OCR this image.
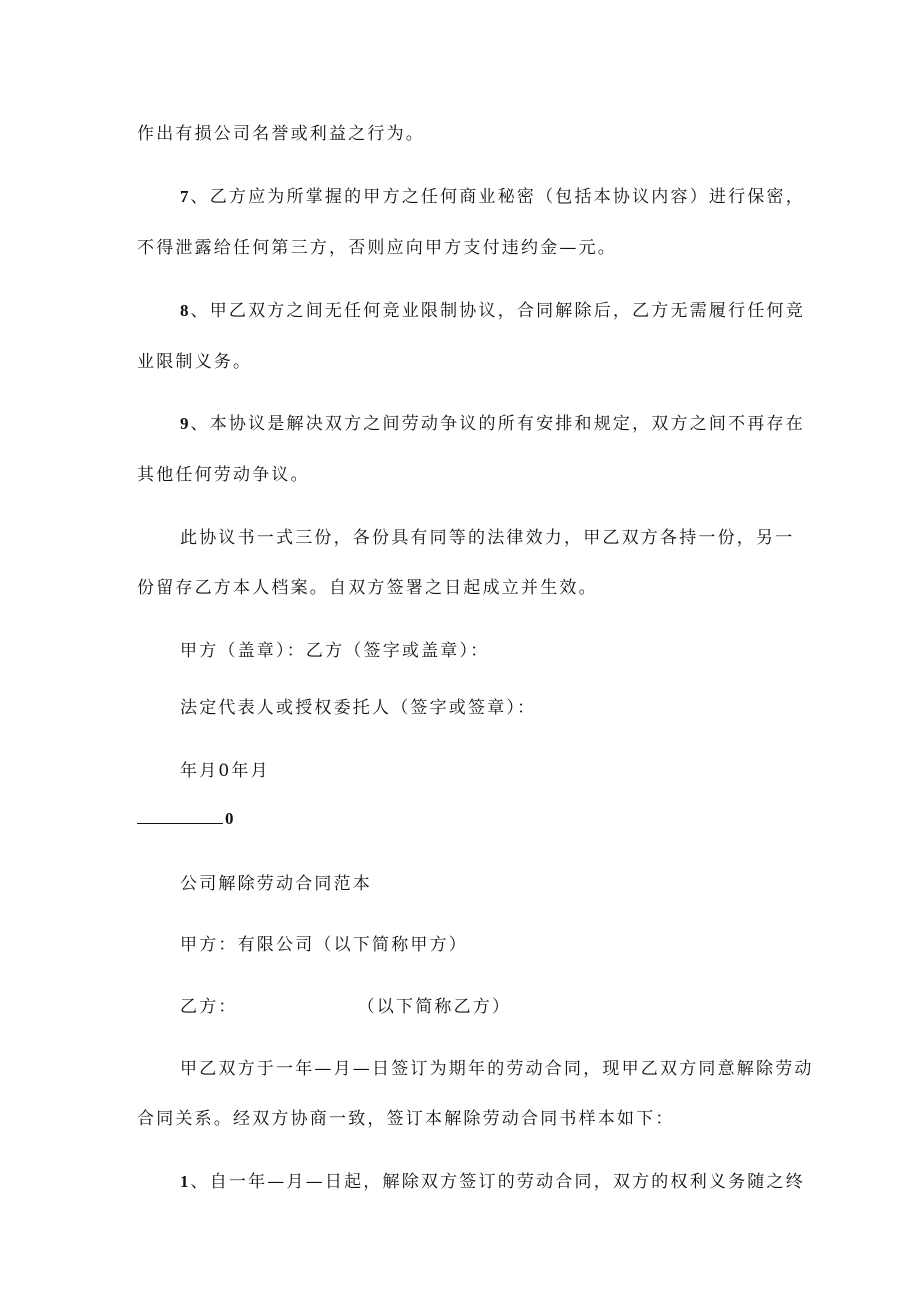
作出有损公司名誉或利益之行为。
7 、乙方应为所掌握的甲方之任何商业秘密（包括本协议内容）进行保密，
不得泄露给任何第三方，否则应向甲方支付违约金—元。
8 、甲乙双方之间无任何竞业限制协议，合同解除后，乙方无需履行任何竞
业限制义务。
9 、本协议是解决双方之间劳动争议的所有安排和规定，双方之间不再存在
其他任何劳动争议。
此协议书一式三份，各份具有同等的法律效力，甲乙双方各持一份，另一
份留存乙方本人档案。自双方签署之日起成立并生效。
甲方（盖章）：乙方（签字或盖章）：
法定代表人或授权委托人（签字或签章）：
年月0年月
0
公司解除劳动合同范本
甲方：有限公司（以下简称甲方）
乙方：	（以下简称乙方）
甲乙双方于一年—月—日签订为期年的劳动合同，现甲乙双方同意解除劳动
合同关系。经双方协商一致，签订本解除劳动合同书样本如下：
1 、自一年—月—日起，解除双方签订的劳动合同，双方的权利义务随之终
